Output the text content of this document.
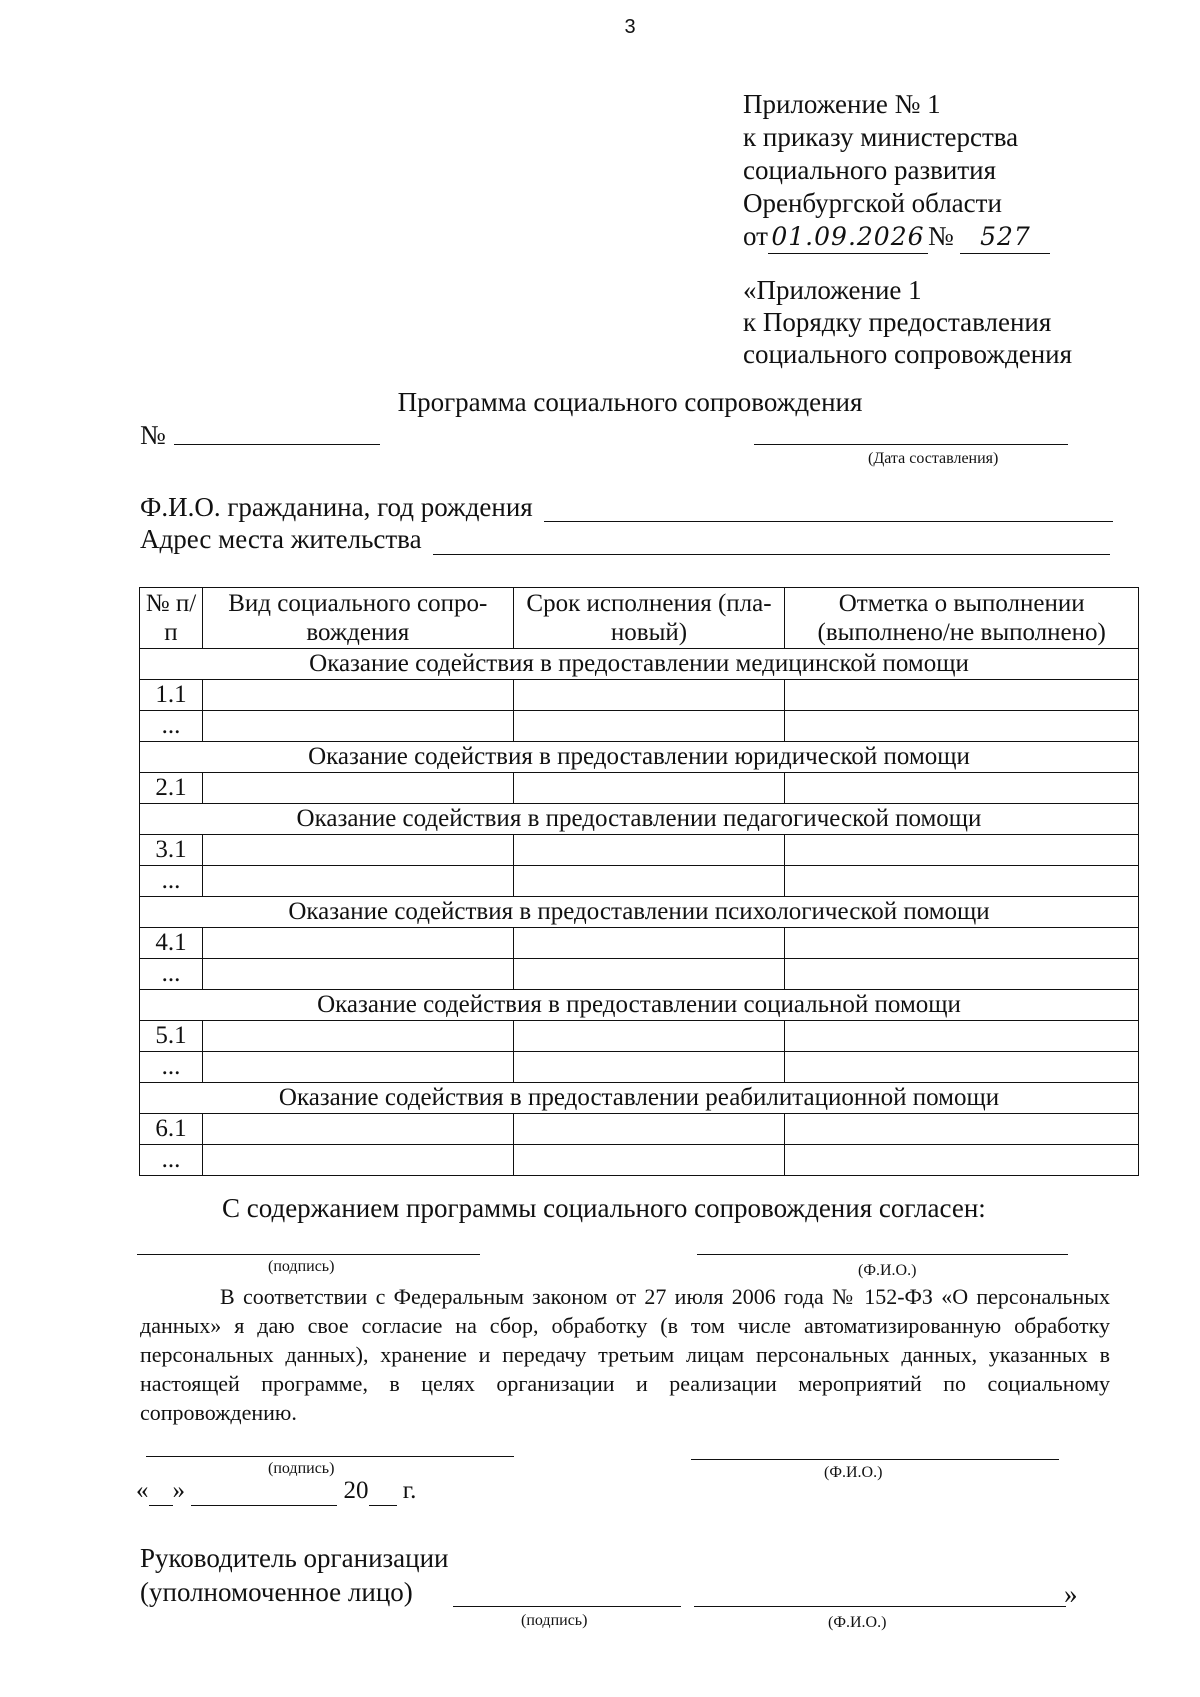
3
Приложение № 1
к приказу министерства
социального развития
Оренбургской области
от 01.09.2026 № 527
«Приложение 1
к Порядку предоставления
социального сопровождения
Программа социального сопровождения
№
(Дата составления)
Ф.И.О. гражданина, год рождения
Адрес места жительства
№ п/п	Вид социального сопро-вождения	Срок исполнения (пла-новый)	Отметка о выполнении (выполнено/не выполнено)
Оказание содействия в предоставлении медицинской помощи			
1.1			
...			
Оказание содействия в предоставлении юридической помощи			
2.1			
Оказание содействия в предоставлении педагогической помощи			
3.1			
...			
Оказание содействия в предоставлении психологической помощи			
4.1			
...			
Оказание содействия в предоставлении социальной помощи			
5.1			
...			
Оказание содействия в предоставлении реабилитационной помощи			
6.1			
...			
С содержанием программы социального сопровождения согласен:
(подпись)	(Ф.И.О.)

В соответствии с Федеральным законом от 27 июля 2006 года № 152-ФЗ «О персональных данных» я даю свое согласие на сбор, обработку (в том числе автоматизированную обработку персональных данных), хранение и передачу третьим лицам персональных данных, указанных в настоящей программе, в целях организации и реализации мероприятий по социальному сопровождению.

(подпись)	(Ф.И.О.)
« »	20 г.
Руководитель организации
(уполномоченное лицо)	»
(подпись)	(Ф.И.О.)
